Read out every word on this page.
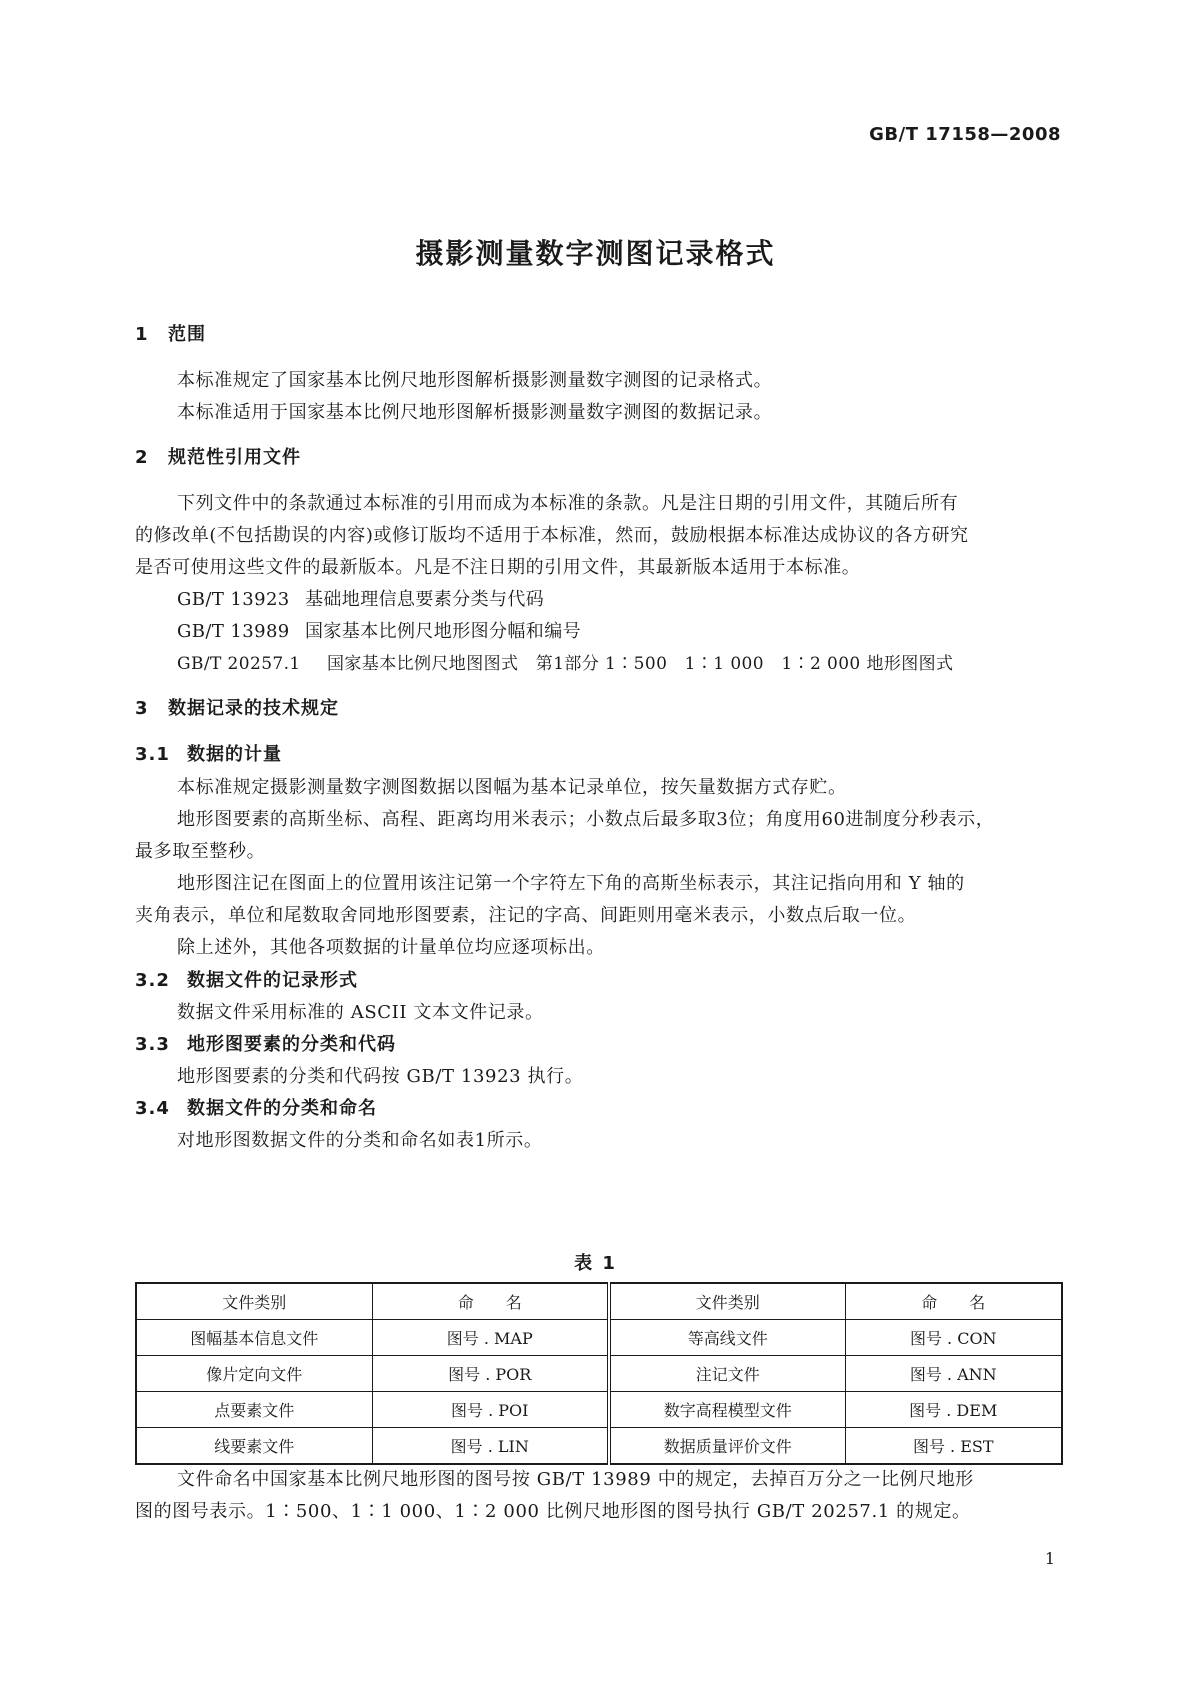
GB/T 17158—2008
摄影测量数字测图记录格式
1 范围
本标准规定了国家基本比例尺地形图解析摄影测量数字测图的记录格式。
本标准适用于国家基本比例尺地形图解析摄影测量数字测图的数据记录。
2 规范性引用文件
下列文件中的条款通过本标准的引用而成为本标准的条款。凡是注日期的引用文件，其随后所有
的修改单(不包括勘误的内容)或修订版均不适用于本标准，然而，鼓励根据本标准达成协议的各方研究
是否可使用这些文件的最新版本。凡是不注日期的引用文件，其最新版本适用于本标准。
GB/T 13923 基础地理信息要素分类与代码
GB/T 13989 国家基本比例尺地形图分幅和编号
GB/T 20257.1 国家基本比例尺地图图式　第1部分 1∶500　1∶1 000　1∶2 000 地形图图式
3 数据记录的技术规定
3.1 数据的计量
本标准规定摄影测量数字测图数据以图幅为基本记录单位，按矢量数据方式存贮。
地形图要素的高斯坐标、高程、距离均用米表示；小数点后最多取3位；角度用60进制度分秒表示，
最多取至整秒。
地形图注记在图面上的位置用该注记第一个字符左下角的高斯坐标表示，其注记指向用和 Y 轴的
夹角表示，单位和尾数取舍同地形图要素，注记的字高、间距则用毫米表示，小数点后取一位。
除上述外，其他各项数据的计量单位均应逐项标出。
3.2 数据文件的记录形式
数据文件采用标准的 ASCII 文本文件记录。
3.3 地形图要素的分类和代码
地形图要素的分类和代码按 GB/T 13923 执行。
3.4 数据文件的分类和命名
对地形图数据文件的分类和命名如表1所示。
表 1
文件类别	命　　名	文件类别	命　　名
图幅基本信息文件	图号 . MAP	等高线文件	图号 . CON
像片定向文件	图号 . POR	注记文件	图号 . ANN
点要素文件	图号 . POI	数字高程模型文件	图号 . DEM
线要素文件	图号 . LIN	数据质量评价文件	图号 . EST
文件命名中国家基本比例尺地形图的图号按 GB/T 13989 中的规定，去掉百万分之一比例尺地形
图的图号表示。1∶500、1∶1 000、1∶2 000 比例尺地形图的图号执行 GB/T 20257.1 的规定。
1
